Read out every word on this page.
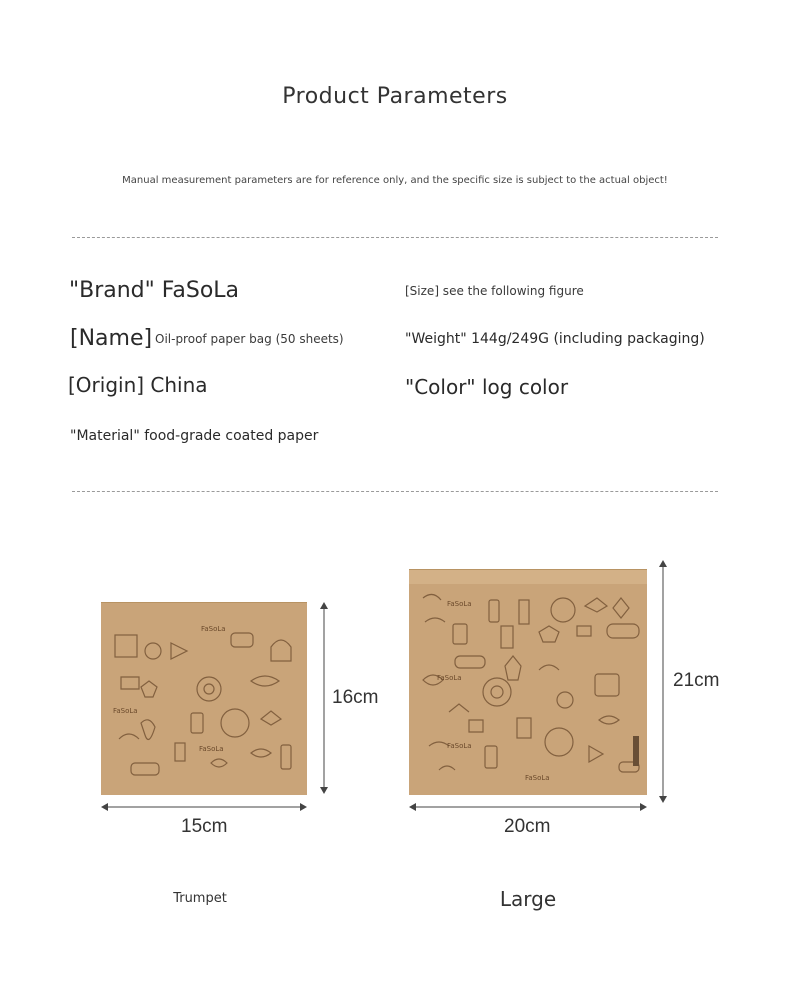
Product Parameters
Manual measurement parameters are for reference only, and the specific size is subject to the actual object!
"Brand" FaSoLa
[Name] Oil-proof paper bag (50 sheets)
[Origin] China
"Material" food-grade coated paper
[Size] see the following figure
"Weight" 144g/249G (including packaging)
"Color" log color
FaSoLa
FaSoLa
FaSoLa
16cm
15cm
FaSoLa
FaSoLa
FaSoLa
FaSoLa
21cm
20cm
Trumpet	Large
